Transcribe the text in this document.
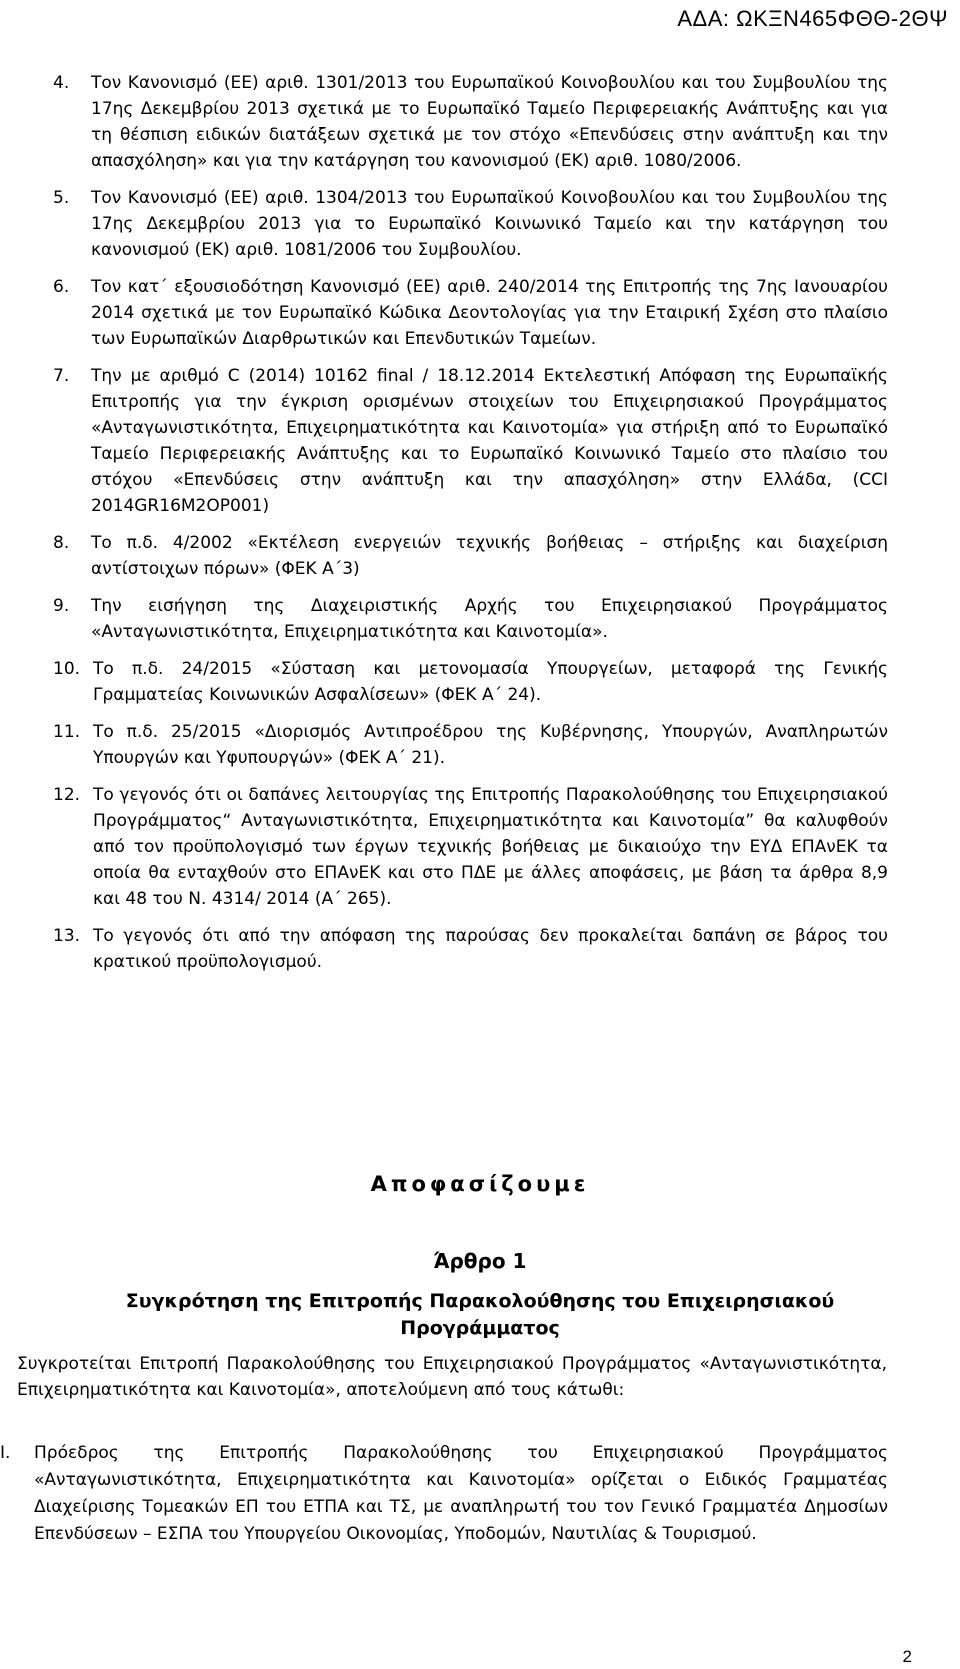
ΑΔΑ: ΩΚΞΝ465ΦΘΘ-2ΘΨ
4.	Τον Κανονισμό (ΕΕ) αριθ. 1301/2013 του Ευρωπαϊκού Κοινοβουλίου και του Συμβουλίου της 17ης Δεκεμβρίου 2013 σχετικά με το Ευρωπαϊκό Ταμείο Περιφερειακής Ανάπτυξης και για τη θέσπιση ειδικών διατάξεων σχετικά με τον στόχο «Επενδύσεις στην ανάπτυξη και την απασχόληση» και για την κατάργηση του κανονισμού (ΕΚ) αριθ. 1080/2006.
5.	Τον Κανονισμό (ΕΕ) αριθ. 1304/2013 του Ευρωπαϊκού Κοινοβουλίου και του Συμβουλίου της 17ης Δεκεμβρίου 2013 για το Ευρωπαϊκό Κοινωνικό Ταμείο και την κατάργηση του κανονισμού (ΕΚ) αριθ. 1081/2006 του Συμβουλίου.
6.	Τον κατ΄ εξουσιοδότηση Κανονισμό (ΕΕ) αριθ. 240/2014 της Επιτροπής της 7ης Ιανουαρίου 2014 σχετικά με τον Ευρωπαϊκό Κώδικα Δεοντολογίας για την Εταιρική Σχέση στο πλαίσιο των Ευρωπαϊκών Διαρθρωτικών και Επενδυτικών Ταμείων.
7.	Την με αριθμό C (2014) 10162 final / 18.12.2014 Εκτελεστική Απόφαση της Ευρωπαϊκής Επιτροπής για την έγκριση ορισμένων στοιχείων του Επιχειρησιακού Προγράμματος «Ανταγωνιστικότητα, Επιχειρηματικότητα και Καινοτομία» για στήριξη από το Ευρωπαϊκό Ταμείο Περιφερειακής Ανάπτυξης και το Ευρωπαϊκό Κοινωνικό Ταμείο στο πλαίσιο του στόχου «Επενδύσεις στην ανάπτυξη και την απασχόληση» στην Ελλάδα, (CCI 2014GR16M2OP001)
8.	Το π.δ. 4/2002 «Εκτέλεση ενεργειών τεχνικής βοήθειας – στήριξης και διαχείριση αντίστοιχων πόρων» (ΦΕΚ Α΄3)
9.	Την εισήγηση της Διαχειριστικής Αρχής του Επιχειρησιακού Προγράμματος «Ανταγωνιστικότητα, Επιχειρηματικότητα και Καινοτομία».
10. Το π.δ. 24/2015 «Σύσταση και μετονομασία Υπουργείων, μεταφορά της Γενικής Γραμματείας Κοινωνικών Ασφαλίσεων» (ΦΕΚ Α΄ 24).
11. Το π.δ. 25/2015 «Διορισμός Αντιπροέδρου της Κυβέρνησης, Υπουργών, Αναπληρωτών Υπουργών και Υφυπουργών» (ΦΕΚ Α΄ 21).
12. Το γεγονός ότι οι δαπάνες λειτουργίας της Επιτροπής Παρακολούθησης του Επιχειρησιακού Προγράμματος“ Ανταγωνιστικότητα, Επιχειρηματικότητα και Καινοτομία” θα καλυφθούν από τον προϋπολογισμό των έργων τεχνικής βοήθειας με δικαιούχο την ΕΥΔ ΕΠΑνΕΚ τα οποία θα ενταχθούν στο ΕΠΑνΕΚ και στο ΠΔΕ με άλλες αποφάσεις, με βάση τα άρθρα 8,9 και 48 του Ν. 4314/ 2014 (Α΄ 265).
13. Το γεγονός ότι από την απόφαση της παρούσας δεν προκαλείται δαπάνη σε βάρος του κρατικού προϋπολογισμού.
Αποφασίζουμε
Άρθρο 1
Συγκρότηση της Επιτροπής Παρακολούθησης του Επιχειρησιακού Προγράμματος
Συγκροτείται Επιτροπή Παρακολούθησης του Επιχειρησιακού Προγράμματος «Ανταγωνιστικότητα, Επιχειρηματικότητα και Καινοτομία», αποτελούμενη από τους κάτωθι:
I.	Πρόεδρος της Επιτροπής Παρακολούθησης του Επιχειρησιακού Προγράμματος «Ανταγωνιστικότητα, Επιχειρηματικότητα και Καινοτομία» ορίζεται ο Ειδικός Γραμματέας Διαχείρισης Τομεακών ΕΠ του ΕΤΠΑ και ΤΣ, με αναπληρωτή του τον Γενικό Γραμματέα Δημοσίων Επενδύσεων – ΕΣΠΑ του Υπουργείου Οικονομίας, Υποδομών, Ναυτιλίας & Τουρισμού.
2
